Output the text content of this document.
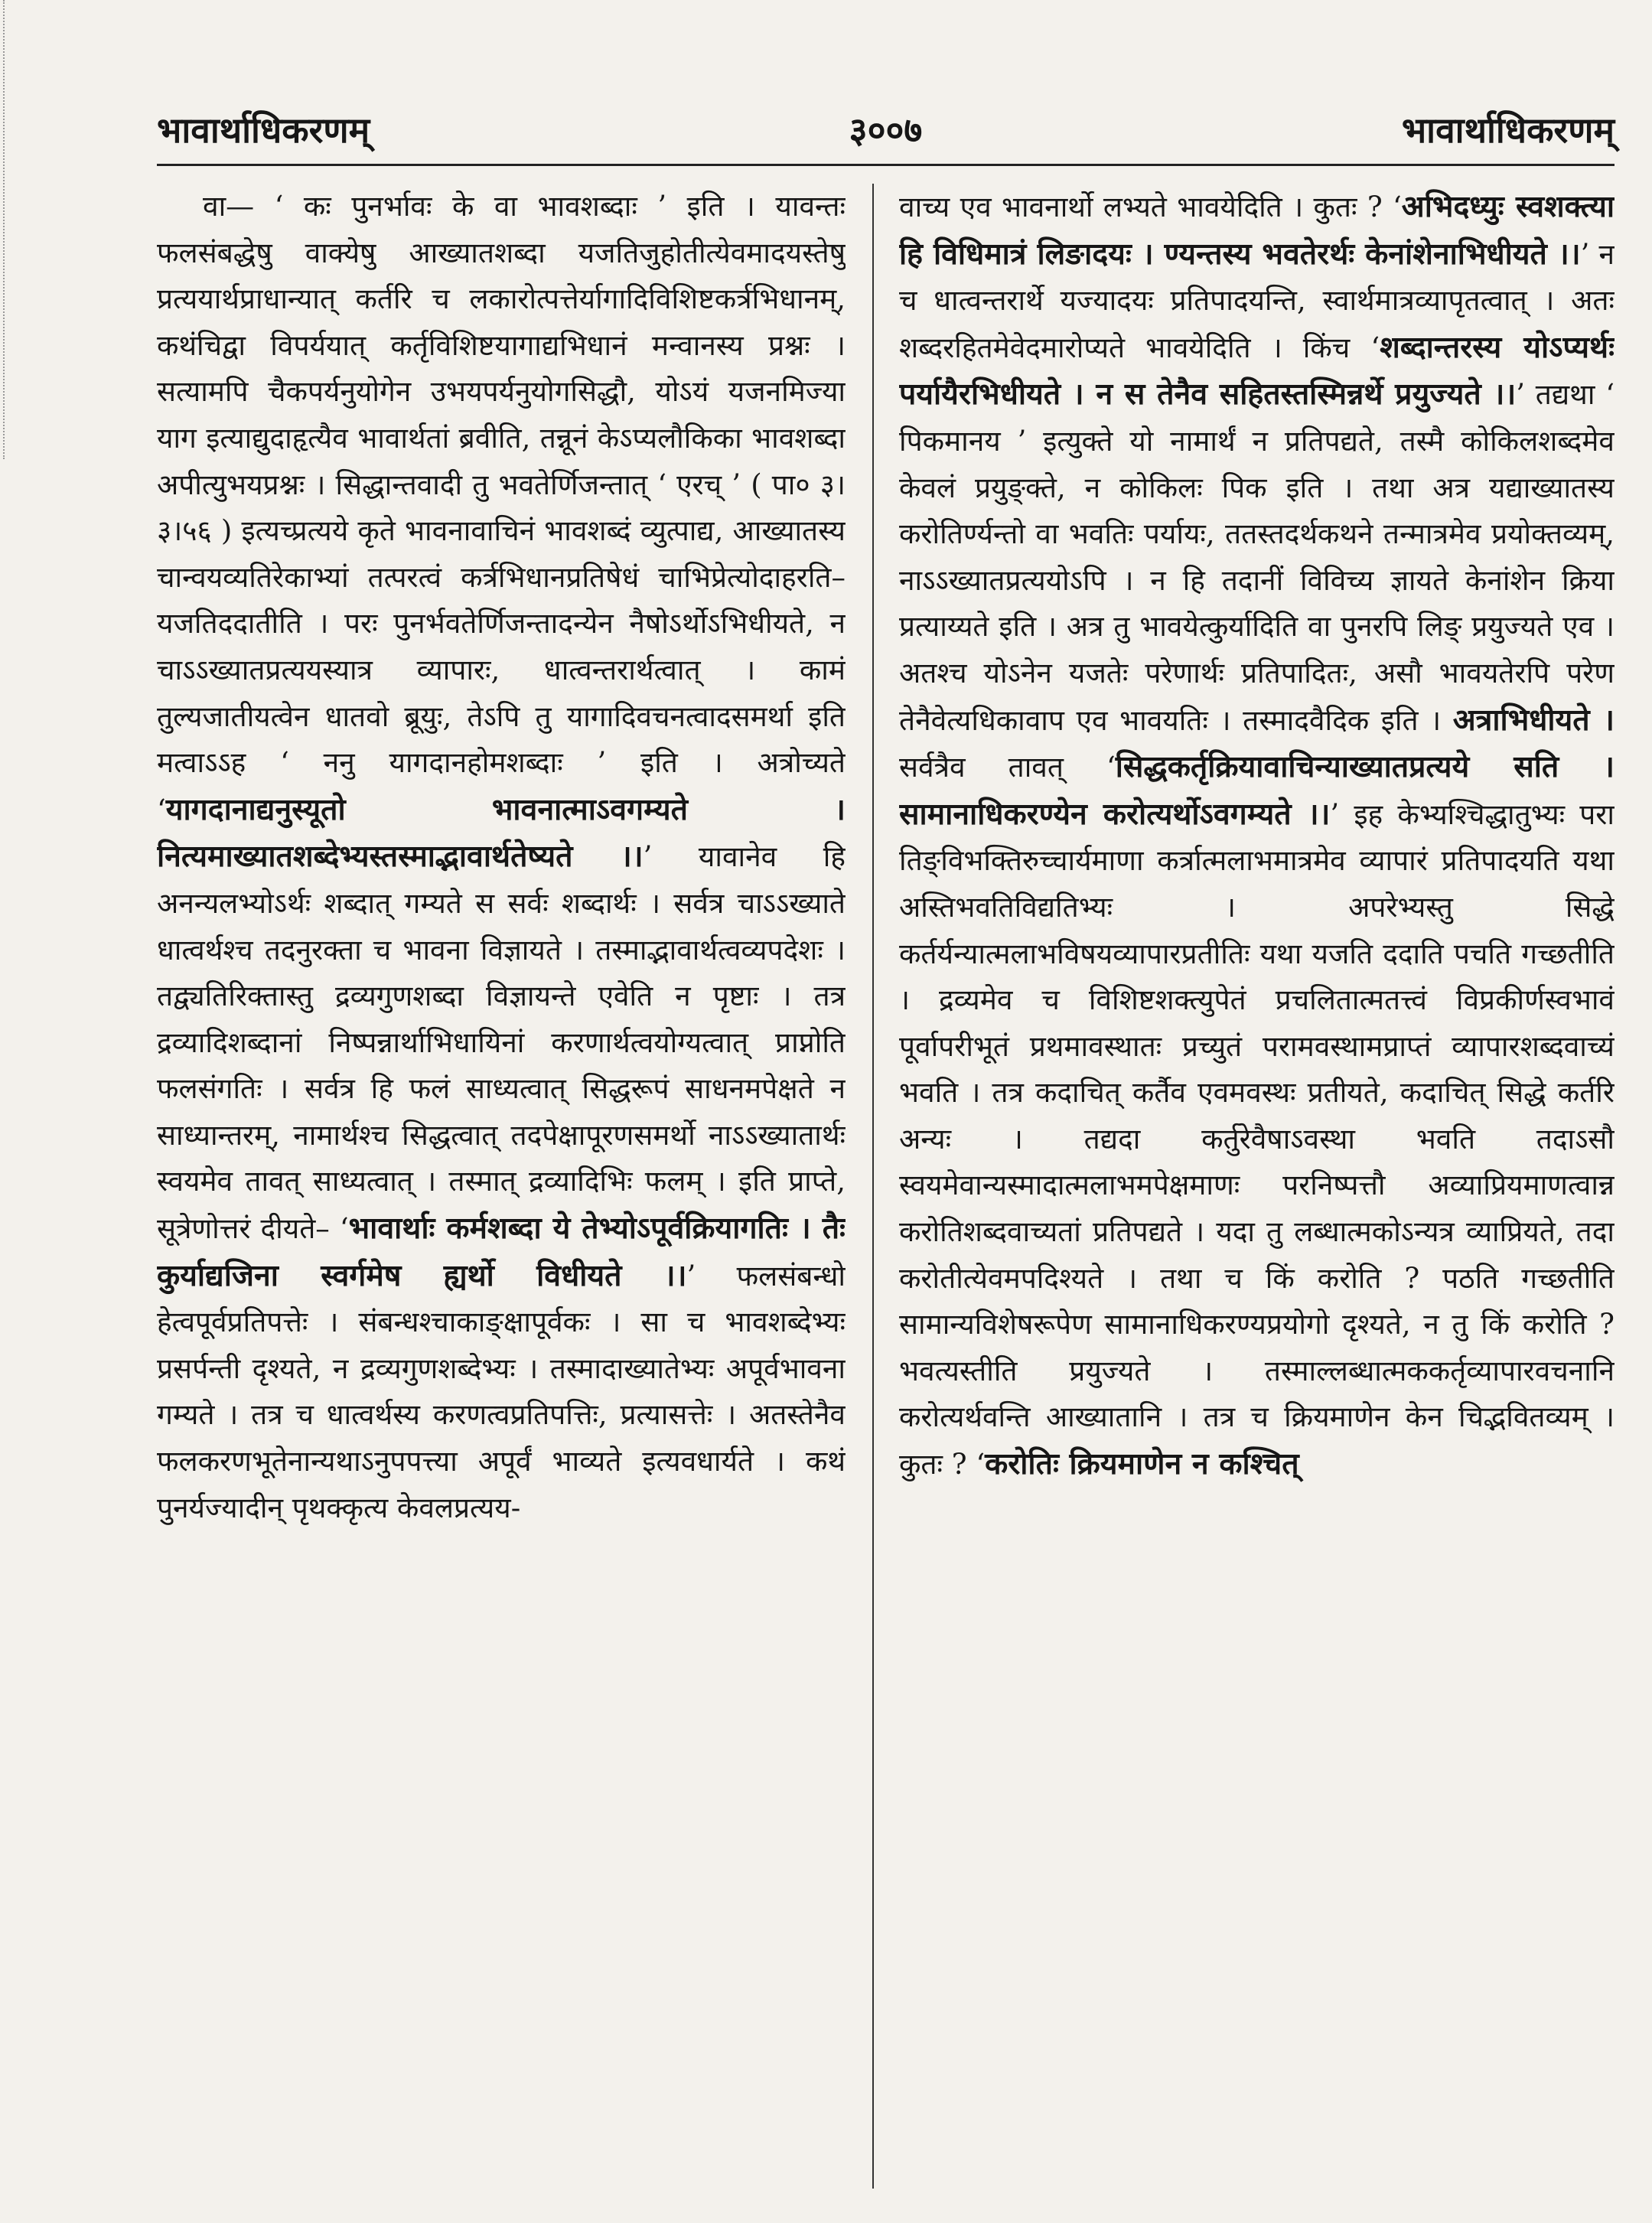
भावार्थाधिकरणम्	३००७	भावार्थाधिकरणम्

वा— ‘ कः पुनर्भावः के वा भावशब्दाः ’ इति । यावन्तः फलसंबद्धेषु वाक्येषु आख्यातशब्दा यजतिजुहोतीत्येवमादयस्तेषु प्रत्ययार्थप्राधान्यात् कर्तरि च लकारोत्पत्तेर्यागादिविशिष्टकर्त्रभिधानम्, कथंचिद्वा विपर्ययात् कर्तृविशिष्टयागाद्यभिधानं मन्वानस्य प्रश्नः । सत्यामपि चैकपर्यनुयोगेन उभयपर्यनुयोगसिद्धौ, योऽयं यजनमिज्या याग इत्याद्युदाहृत्यैव भावार्थतां ब्रवीति, तन्नूनं केऽप्यलौकिका भावशब्दा अपीत्युभयप्रश्नः । सिद्धान्तवादी तु भवतेर्णिजन्तात् ‘ एरच् ’ ( पा० ३।३।५६ ) इत्यच्प्रत्यये कृते भावनावाचिनं भावशब्दं व्युत्पाद्य, आख्यातस्य चान्वयव्यतिरेकाभ्यां तत्परत्वं कर्त्रभिधानप्रतिषेधं चाभिप्रेत्योदाहरति– यजतिददातीति । परः पुनर्भवतेर्णिजन्तादन्येन नैषोऽर्थोऽभिधीयते, न चाऽऽख्यातप्रत्ययस्यात्र व्यापारः, धात्वन्तरार्थत्वात् । कामं तुल्यजातीयत्वेन धातवो ब्रूयुः, तेऽपि तु यागादिवचनत्वादसमर्था इति मत्वाऽऽह ‘ ननु यागदानहोमशब्दाः ’ इति । अत्रोच्यते ‘यागदानाद्यनुस्यूतो भावनात्माऽवगम्यते । नित्यमाख्यातशब्देभ्यस्तस्माद्भावार्थतेष्यते ।।’ यावानेव हि अनन्यलभ्योऽर्थः शब्दात् गम्यते स सर्वः शब्दार्थः । सर्वत्र चाऽऽख्याते धात्वर्थश्च तदनुरक्ता च भावना विज्ञायते । तस्माद्भावार्थत्वव्यपदेशः । तद्व्यतिरिक्तास्तु द्रव्यगुणशब्दा विज्ञायन्ते एवेति न पृष्टाः । तत्र द्रव्यादिशब्दानां निष्पन्नार्थाभिधायिनां करणार्थत्वयोग्यत्वात् प्राप्नोति फलसंगतिः । सर्वत्र हि फलं साध्यत्वात् सिद्धरूपं साधनमपेक्षते न साध्यान्तरम्, नामार्थश्च सिद्धत्वात् तदपेक्षापूरणसमर्थो नाऽऽख्यातार्थः स्वयमेव तावत् साध्यत्वात् । तस्मात् द्रव्यादिभिः फलम् । इति प्राप्ते, सूत्रेणोत्तरं दीयते– ‘भावार्थाः कर्मशब्दा ये तेभ्योऽपूर्वक्रियागतिः । तैः कुर्याद्यजिना स्वर्गमेष ह्यर्थो विधीयते ।।’ फलसंबन्धो हेत्वपूर्वप्रतिपत्तेः । संबन्धश्चाकाङ्क्षापूर्वकः । सा च भावशब्देभ्यः प्रसर्पन्ती दृश्यते, न द्रव्यगुणशब्देभ्यः । तस्मादाख्यातेभ्यः अपूर्वभावना गम्यते । तत्र च धात्वर्थस्य करणत्वप्रतिपत्तिः, प्रत्यासत्तेः । अतस्तेनैव फलकरणभूतेनान्यथाऽनुपपत्त्या अपूर्वं भाव्यते इत्यवधार्यते । कथं पुनर्यज्यादीन् पृथक्कृत्य केवलप्रत्यय-

वाच्य एव भावनार्थो लभ्यते भावयेदिति । कुतः ? ‘अभिदध्युः स्वशक्त्या हि विधिमात्रं लिङादयः । ण्यन्तस्य भवतेरर्थः केनांशेनाभिधीयते ।।’ न च धात्वन्तरार्थे यज्यादयः प्रतिपादयन्ति, स्वार्थमात्रव्यापृतत्वात् । अतः शब्दरहितमेवेदमारोप्यते भावयेदिति । किंच ‘शब्दान्तरस्य योऽप्यर्थः पर्यायैरभिधीयते । न स तेनैव सहितस्तस्मिन्नर्थे प्रयुज्यते ।।’ तद्यथा ‘ पिकमानय ’ इत्युक्ते यो नामार्थं न प्रतिपद्यते, तस्मै कोकिलशब्दमेव केवलं प्रयुङ्क्ते, न कोकिलः पिक इति । तथा अत्र यद्याख्यातस्य करोतिर्ण्यन्तो वा भवतिः पर्यायः, ततस्तदर्थकथने तन्मात्रमेव प्रयोक्तव्यम्, नाऽऽख्यातप्रत्ययोऽपि । न हि तदानीं विविच्य ज्ञायते केनांशेन क्रिया प्रत्याय्यते इति । अत्र तु भावयेत्कुर्यादिति वा पुनरपि लिङ् प्रयुज्यते एव । अतश्च योऽनेन यजतेः परेणार्थः प्रतिपादितः, असौ भावयतेरपि परेण तेनैवेत्यधिकावाप एव भावयतिः । तस्मादवैदिक इति । अत्राभिधीयते । सर्वत्रैव तावत् ‘सिद्धकर्तृक्रियावाचिन्याख्यातप्रत्यये सति । सामानाधिकरण्येन करोत्यर्थोऽवगम्यते ।।’ इह केभ्यश्चिद्धातुभ्यः परा तिङ्विभक्तिरुच्चार्यमाणा कर्त्रात्मलाभमात्रमेव व्यापारं प्रतिपादयति यथा अस्तिभवतिविद्यतिभ्यः । अपरेभ्यस्तु सिद्धे कर्तर्यन्यात्मलाभविषयव्यापारप्रतीतिः यथा यजति ददाति पचति गच्छतीति । द्रव्यमेव च विशिष्टशक्त्युपेतं प्रचलितात्मतत्त्वं विप्रकीर्णस्वभावं पूर्वापरीभूतं प्रथमावस्थातः प्रच्युतं परामवस्थामप्राप्तं व्यापारशब्दवाच्यं भवति । तत्र कदाचित् कर्तैव एवमवस्थः प्रतीयते, कदाचित् सिद्धे कर्तरि अन्यः । तद्यदा कर्तुरेवैषाऽवस्था भवति तदाऽसौ स्वयमेवान्यस्मादात्मलाभमपेक्षमाणः परनिष्पत्तौ अव्याप्रियमाणत्वान्न करोतिशब्दवाच्यतां प्रतिपद्यते । यदा तु लब्धात्मकोऽन्यत्र व्याप्रियते, तदा करोतीत्येवमपदिश्यते । तथा च किं करोति ? पठति गच्छतीति सामान्यविशेषरूपेण सामानाधिकरण्यप्रयोगो दृश्यते, न तु किं करोति ? भवत्यस्तीति प्रयुज्यते । तस्माल्लब्धात्मककर्तृव्यापारवचनानि करोत्यर्थवन्ति आख्यातानि । तत्र च क्रियमाणेन केन चिद्भवितव्यम् । कुतः ? ‘करोतिः क्रियमाणेन न कश्चित्
